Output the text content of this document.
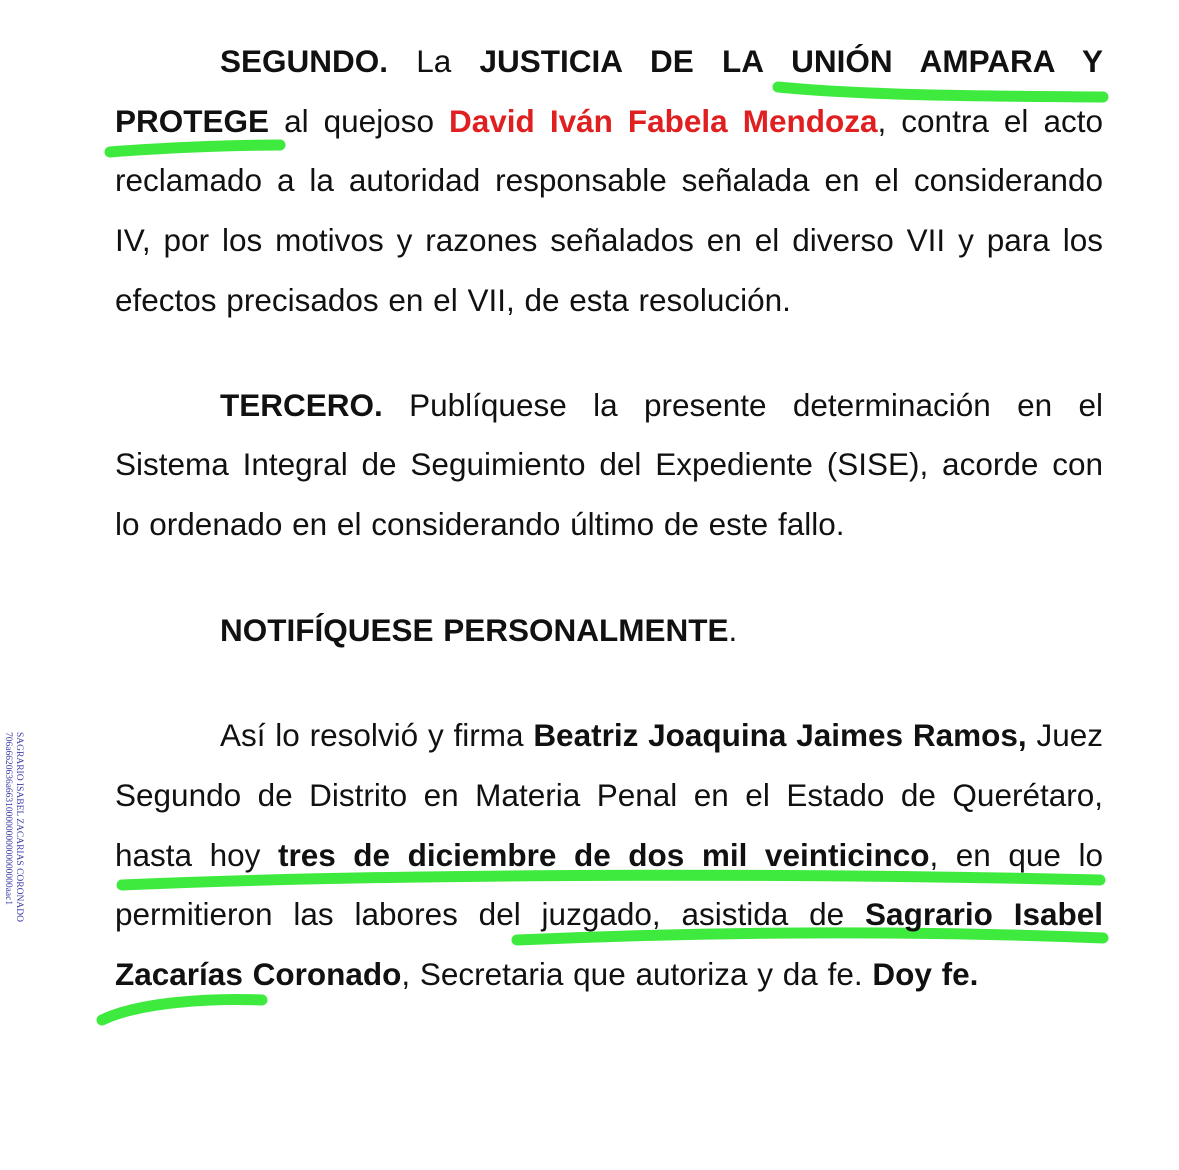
SEGUNDO. La JUSTICIA DE LA UNIÓN AMPARA Y PROTEGE al quejoso David Iván Fabela Mendoza, contra el acto reclamado a la autoridad responsable señalada en el considerando IV, por los motivos y razones señalados en el diverso VII y para los efectos precisados en el VII, de esta resolución.

TERCERO. Publíquese la presente determinación en el Sistema Integral de Seguimiento del Expediente (SISE), acorde con lo ordenado en el considerando último de este fallo.

NOTIFÍQUESE PERSONALMENTE.

Así lo resolvió y firma Beatriz Joaquina Jaimes Ramos, Juez Segundo de Distrito en Materia Penal en el Estado de Querétaro, hasta hoy tres de diciembre de dos mil veinticinco, en que lo permitieron las labores del juzgado, asistida de Sagrario Isabel Zacarías Coronado, Secretaria que autoriza y da fe. Doy fe.

SAGRARIO ISABEL ZACARIAS CORONADO
706a6620636a663100000000000000000aac1
